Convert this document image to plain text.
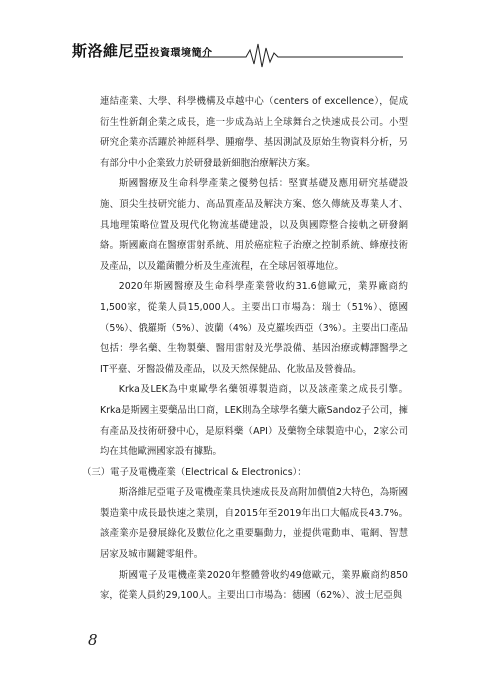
斯洛維尼亞投資環境簡介

連結產業、大學、科學機構及卓越中心（centers of excellence），促成衍生性新創企業之成長，進一步成為站上全球舞台之快速成長公司。小型研究企業亦活躍於神經科學、腫瘤學、基因測試及原始生物資料分析，另有部分中小企業致力於研發最新細胞治療解決方案。

斯國醫療及生命科學產業之優勢包括：堅實基礎及應用研究基礎設施、頂尖生技研究能力、高品質產品及解決方案、悠久傳統及專業人才、具地理策略位置及現代化物流基礎建設，以及與國際整合接軌之研發網絡。斯國廠商在醫療雷射系統、用於癌症粒子治療之控制系統、蜂療技術及產品，以及鑑菌體分析及生產流程，在全球居領導地位。

2020年斯國醫療及生命科學產業營收約31.6億歐元，業界廠商約1,500家，從業人員15,000人。主要出口市場為：瑞士（51%）、德國（5%）、俄羅斯（5%）、波蘭（4%）及克羅埃西亞（3%）。主要出口產品包括：學名藥、生物製藥、醫用雷射及光學設備、基因治療或轉譯醫學之IT平臺、牙醫設備及產品，以及天然保健品、化妝品及營養品。

Krka及LEK為中東歐學名藥領導製造商，以及該產業之成長引擎。Krka是斯國主要藥品出口商，LEK則為全球學名藥大廠Sandoz子公司，擁有產品及技術研發中心，是原料藥（API）及藥物全球製造中心，2家公司均在其他歐洲國家設有據點。

（三）電子及電機產業（Electrical & Electronics）：

斯洛維尼亞電子及電機產業具快速成長及高附加價值2大特色，為斯國製造業中成長最快速之業別，自2015年至2019年出口大幅成長43.7%。該產業亦是發展綠化及數位化之重要驅動力，並提供電動車、電網、智慧居家及城市關鍵零組件。

斯國電子及電機產業2020年整體營收約49億歐元，業界廠商約850家，從業人員約29,100人。主要出口市場為：德國（62%）、波士尼亞與

8
